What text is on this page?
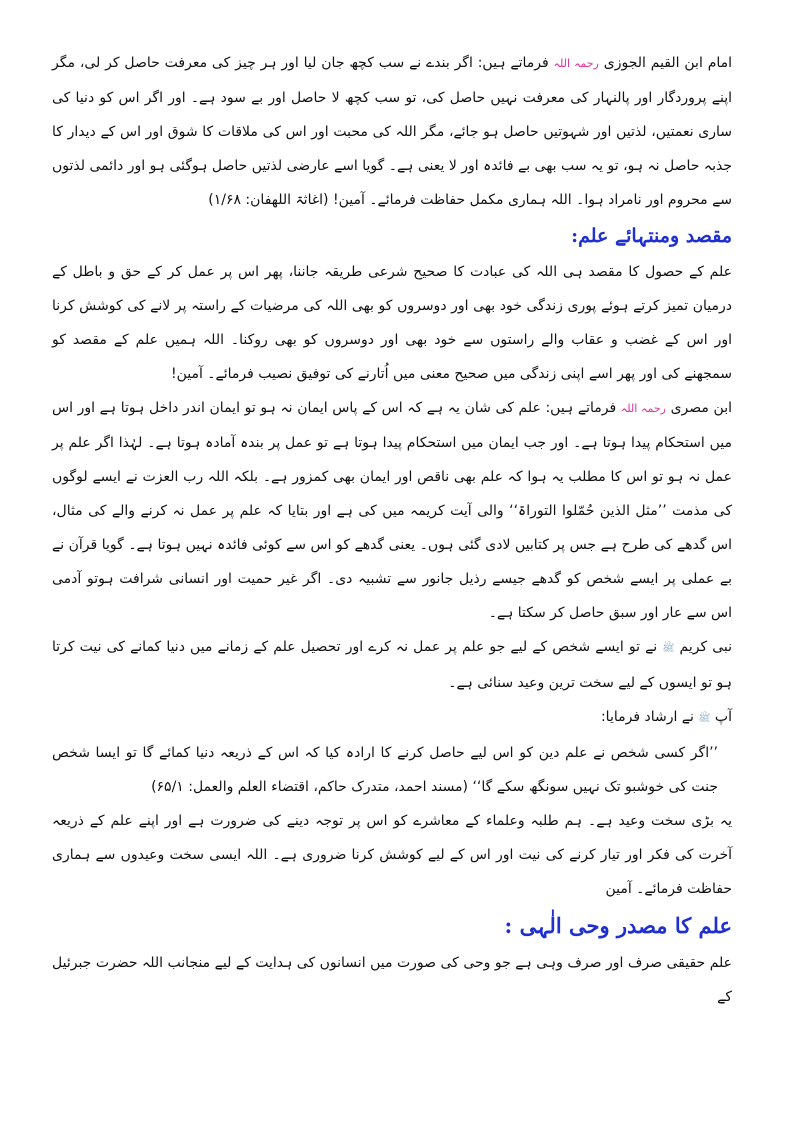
امام ابن القیم الجوزی رحمہ اللہ فرماتے ہیں: اگر بندے نے سب کچھ جان لیا اور ہر چیز کی معرفت حاصل کر لی، مگر اپنے پروردگار اور پالنہار کی معرفت نہیں حاصل کی، تو سب کچھ لا حاصل اور بے سود ہے۔ اور اگر اس کو دنیا کی ساری نعمتیں، لذتیں اور شہوتیں حاصل ہو جائے، مگر اللہ کی محبت اور اس کی ملاقات کا شوق اور اس کے دیدار کا جذبہ حاصل نہ ہو، تو یہ سب بھی بے فائدہ اور لا یعنی ہے۔ گویا اسے عارضی لذتیں حاصل ہوگئی ہو اور دائمی لذتوں سے محروم اور نامراد ہوا۔ اللہ ہماری مکمل حفاظت فرمائے۔ آمین! (اغاثۃ اللھفان: ۱/۶۸)

مقصد ومنتہائے علم:

علم کے حصول کا مقصد ہی اللہ کی عبادت کا صحیح شرعی طریقہ جاننا، پھر اس پر عمل کر کے حق و باطل کے درمیان تمیز کرتے ہوئے پوری زندگی خود بھی اور دوسروں کو بھی اللہ کی مرضیات کے راستہ پر لانے کی کوشش کرنا اور اس کے غضب و عقاب والے راستوں سے خود بھی اور دوسروں کو بھی روکنا۔ اللہ ہمیں علم کے مقصد کو سمجھنے کی اور پھر اسے اپنی زندگی میں صحیح معنی میں اُتارنے کی توفیق نصیب فرمائے۔ آمین!

ابن مصری رحمہ اللہ فرماتے ہیں: علم کی شان یہ ہے کہ اس کے پاس ایمان نہ ہو تو ایمان اندر داخل ہوتا ہے اور اس میں استحکام پیدا ہوتا ہے۔ اور جب ایمان میں استحکام پیدا ہوتا ہے تو عمل پر بندہ آمادہ ہوتا ہے۔ لہٰذا اگر علم پر عمل نہ ہو تو اس کا مطلب یہ ہوا کہ علم بھی ناقص اور ایمان بھی کمزور ہے۔ بلکہ اللہ رب العزت نے ایسے لوگوں کی مذمت ’’مثل الذین حُمّلوا التوراۃ‘‘ والی آیت کریمہ میں کی ہے اور بتایا کہ علم پر عمل نہ کرنے والے کی مثال، اس گدھے کی طرح ہے جس پر کتابیں لادی گئی ہوں۔ یعنی گدھے کو اس سے کوئی فائدہ نہیں ہوتا ہے۔ گویا قرآن نے بے عملی پر ایسے شخص کو گدھے جیسے رذیل جانور سے تشبیہ دی۔ اگر غیر حمیت اور انسانی شرافت ہوتو آدمی اس سے عار اور سبق حاصل کر سکتا ہے۔

نبی کریم ﷺ نے تو ایسے شخص کے لیے جو علم پر عمل نہ کرے اور تحصیل علم کے زمانے میں دنیا کمانے کی نیت کرتا ہو تو ایسوں کے لیے سخت ترین وعید سنائی ہے۔

آپ ﷺ نے ارشاد فرمایا:

’’اگر کسی شخص نے علم دین کو اس لیے حاصل کرنے کا ارادہ کیا کہ اس کے ذریعہ دنیا کمائے گا تو ایسا شخص جنت کی خوشبو تک نہیں سونگھ سکے گا‘‘ (مسند احمد، متدرک حاکم، اقتضاء العلم والعمل: ۶۵/۱)

یہ بڑی سخت وعید ہے۔ ہم طلبہ وعلماء کے معاشرے کو اس پر توجہ دینے کی ضرورت ہے اور اپنے علم کے ذریعہ آخرت کی فکر اور تیار کرنے کی نیت اور اس کے لیے کوشش کرنا ضروری ہے۔ اللہ ایسی سخت وعیدوں سے ہماری حفاظت فرمائے۔ آمین

علم کا مصدر وحی الٰہی :

علم حقیقی صرف اور صرف وہی ہے جو وحی کی صورت میں انسانوں کی ہدایت کے لیے منجانب اللہ حضرت جبرئیل کے
